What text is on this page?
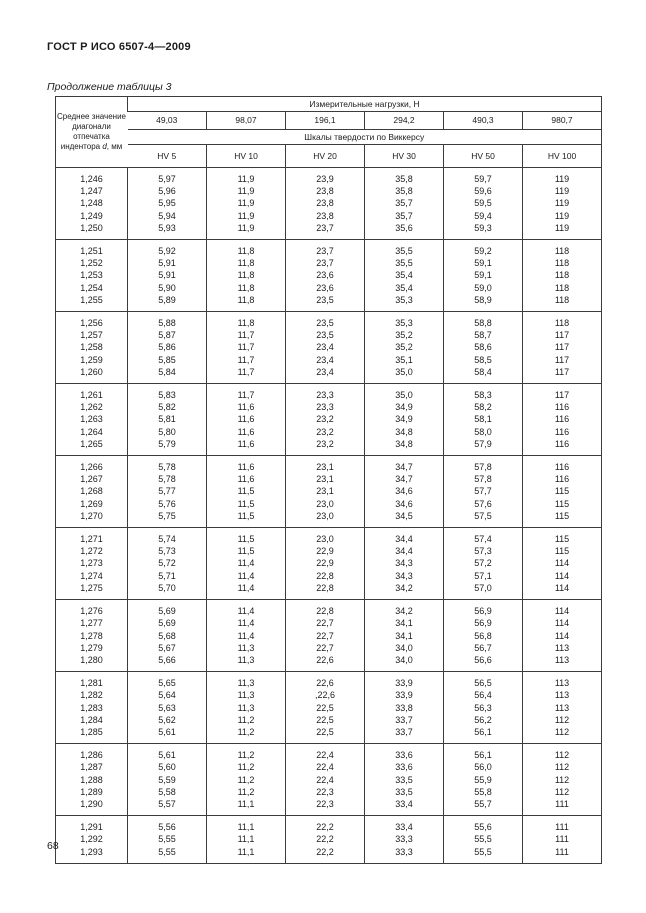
ГОСТ Р ИСО 6507-4—2009
Продолжение таблицы 3
Среднее значение диагонали отпечатка индентора d, мм	Измерительные нагрузки, Н					
	49,03	98,07	196,1	294,2	490,3	980,7
	Шкалы твердости по Виккерсу					
	HV 5	HV 10	HV 20	HV 30	HV 50	HV 100
1,246	5,97	11,9	23,9	35,8	59,7	119
1,247	5,96	11,9	23,8	35,8	59,6	119
1,248	5,95	11,9	23,8	35,7	59,5	119
1,249	5,94	11,9	23,8	35,7	59,4	119
1,250	5,93	11,9	23,7	35,6	59,3	119
1,251	5,92	11,8	23,7	35,5	59,2	118
1,252	5,91	11,8	23,7	35,5	59,1	118
1,253	5,91	11,8	23,6	35,4	59,1	118
1,254	5,90	11,8	23,6	35,4	59,0	118
1,255	5,89	11,8	23,5	35,3	58,9	118
1,256	5,88	11,8	23,5	35,3	58,8	118
1,257	5,87	11,7	23,5	35,2	58,7	117
1,258	5,86	11,7	23,4	35,2	58,6	117
1,259	5,85	11,7	23,4	35,1	58,5	117
1,260	5,84	11,7	23,4	35,0	58,4	117
1,261	5,83	11,7	23,3	35,0	58,3	117
1,262	5,82	11,6	23,3	34,9	58,2	116
1,263	5,81	11,6	23,2	34,9	58,1	116
1,264	5,80	11,6	23,2	34,8	58,0	116
1,265	5,79	11,6	23,2	34,8	57,9	116
1,266	5,78	11,6	23,1	34,7	57,8	116
1,267	5,78	11,6	23,1	34,7	57,8	116
1,268	5,77	11,5	23,1	34,6	57,7	115
1,269	5,76	11,5	23,0	34,6	57,6	115
1,270	5,75	11,5	23,0	34,5	57,5	115
1,271	5,74	11,5	23,0	34,4	57,4	115
1,272	5,73	11,5	22,9	34,4	57,3	115
1,273	5,72	11,4	22,9	34,3	57,2	114
1,274	5,71	11,4	22,8	34,3	57,1	114
1,275	5,70	11,4	22,8	34,2	57,0	114
1,276	5,69	11,4	22,8	34,2	56,9	114
1,277	5,69	11,4	22,7	34,1	56,9	114
1,278	5,68	11,4	22,7	34,1	56,8	114
1,279	5,67	11,3	22,7	34,0	56,7	113
1,280	5,66	11,3	22,6	34,0	56,6	113
1,281	5,65	11,3	22,6	33,9	56,5	113
1,282	5,64	11,3	,22,6	33,9	56,4	113
1,283	5,63	11,3	22,5	33,8	56,3	113
1,284	5,62	11,2	22,5	33,7	56,2	112
1,285	5,61	11,2	22,5	33,7	56,1	112
1,286	5,61	11,2	22,4	33,6	56,1	112
1,287	5,60	11,2	22,4	33,6	56,0	112
1,288	5,59	11,2	22,4	33,5	55,9	112
1,289	5,58	11,2	22,3	33,5	55,8	112
1,290	5,57	11,1	22,3	33,4	55,7	111
1,291	5,56	11,1	22,2	33,4	55,6	111
1,292	5,55	11,1	22,2	33,3	55,5	111
1,293	5,55	11,1	22,2	33,3	55,5	111
68
